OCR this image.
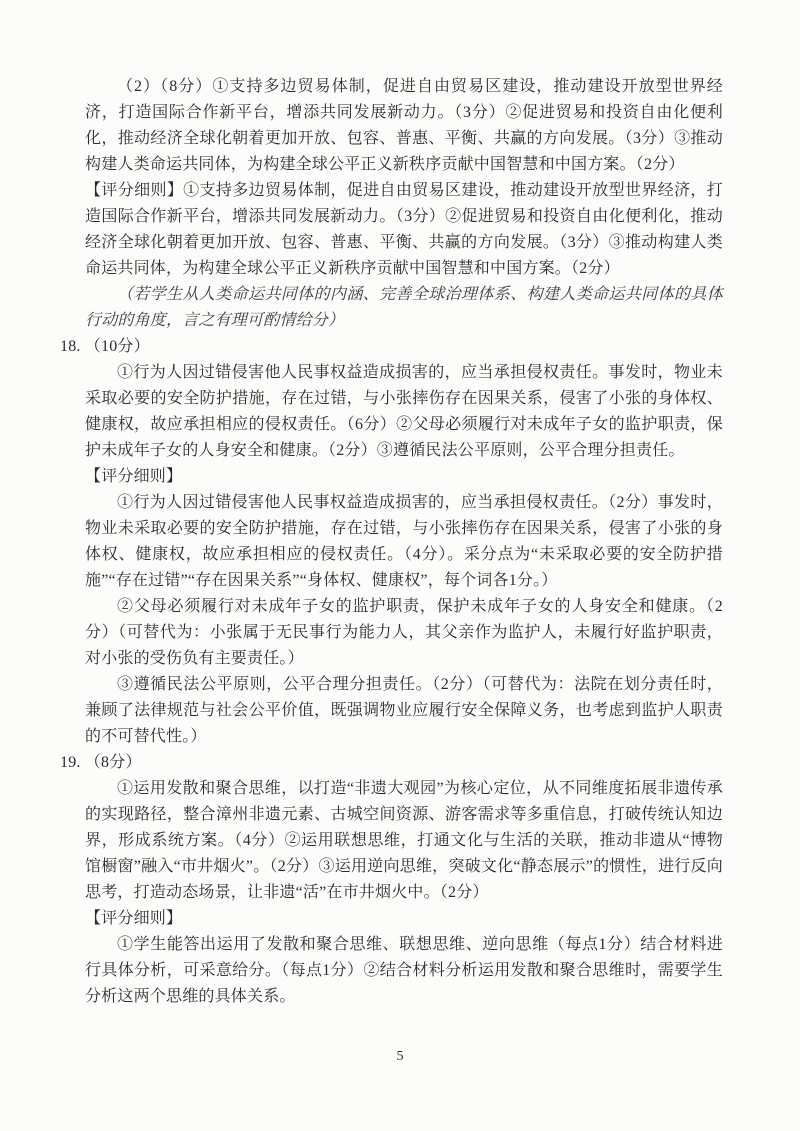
（2）（8分）①支持多边贸易体制，促进自由贸易区建设，推动建设开放型世界经济，打造国际合作新平台，增添共同发展新动力。（3分）②促进贸易和投资自由化便利化，推动经济全球化朝着更加开放、包容、普惠、平衡、共赢的方向发展。（3分）③推动构建人类命运共同体，为构建全球公平正义新秩序贡献中国智慧和中国方案。（2分）

【评分细则】①支持多边贸易体制，促进自由贸易区建设，推动建设开放型世界经济，打造国际合作新平台，增添共同发展新动力。（3分）②促进贸易和投资自由化便利化，推动经济全球化朝着更加开放、包容、普惠、平衡、共赢的方向发展。（3分）③推动构建人类命运共同体，为构建全球公平正义新秩序贡献中国智慧和中国方案。（2分）

（若学生从人类命运共同体的内涵、完善全球治理体系、构建人类命运共同体的具体行动的角度，言之有理可酌情给分）

18. （10分）

①行为人因过错侵害他人民事权益造成损害的，应当承担侵权责任。事发时，物业未采取必要的安全防护措施，存在过错，与小张摔伤存在因果关系，侵害了小张的身体权、健康权，故应承担相应的侵权责任。（6分）②父母必须履行对未成年子女的监护职责，保护未成年子女的人身安全和健康。（2分）③遵循民法公平原则，公平合理分担责任。

【评分细则】

①行为人因过错侵害他人民事权益造成损害的，应当承担侵权责任。（2分）事发时，物业未采取必要的安全防护措施，存在过错，与小张摔伤存在因果关系，侵害了小张的身体权、健康权，故应承担相应的侵权责任。（4分）。采分点为“未采取必要的安全防护措施”“存在过错”“存在因果关系”“身体权、健康权”，每个词各1分。）

②父母必须履行对未成年子女的监护职责，保护未成年子女的人身安全和健康。（2分）（可替代为：小张属于无民事行为能力人，其父亲作为监护人，未履行好监护职责，对小张的受伤负有主要责任。）

③遵循民法公平原则，公平合理分担责任。（2分）（可替代为：法院在划分责任时，兼顾了法律规范与社会公平价值，既强调物业应履行安全保障义务，也考虑到监护人职责的不可替代性。）

19. （8分）

①运用发散和聚合思维，以打造“非遗大观园”为核心定位，从不同维度拓展非遗传承的实现路径，整合漳州非遗元素、古城空间资源、游客需求等多重信息，打破传统认知边界，形成系统方案。（4分）②运用联想思维，打通文化与生活的关联，推动非遗从“博物馆橱窗”融入“市井烟火”。（2分）③运用逆向思维，突破文化“静态展示”的惯性，进行反向思考，打造动态场景，让非遗“活”在市井烟火中。（2分）

【评分细则】

①学生能答出运用了发散和聚合思维、联想思维、逆向思维（每点1分）结合材料进行具体分析，可采意给分。（每点1分）②结合材料分析运用发散和聚合思维时，需要学生分析这两个思维的具体关系。

5
